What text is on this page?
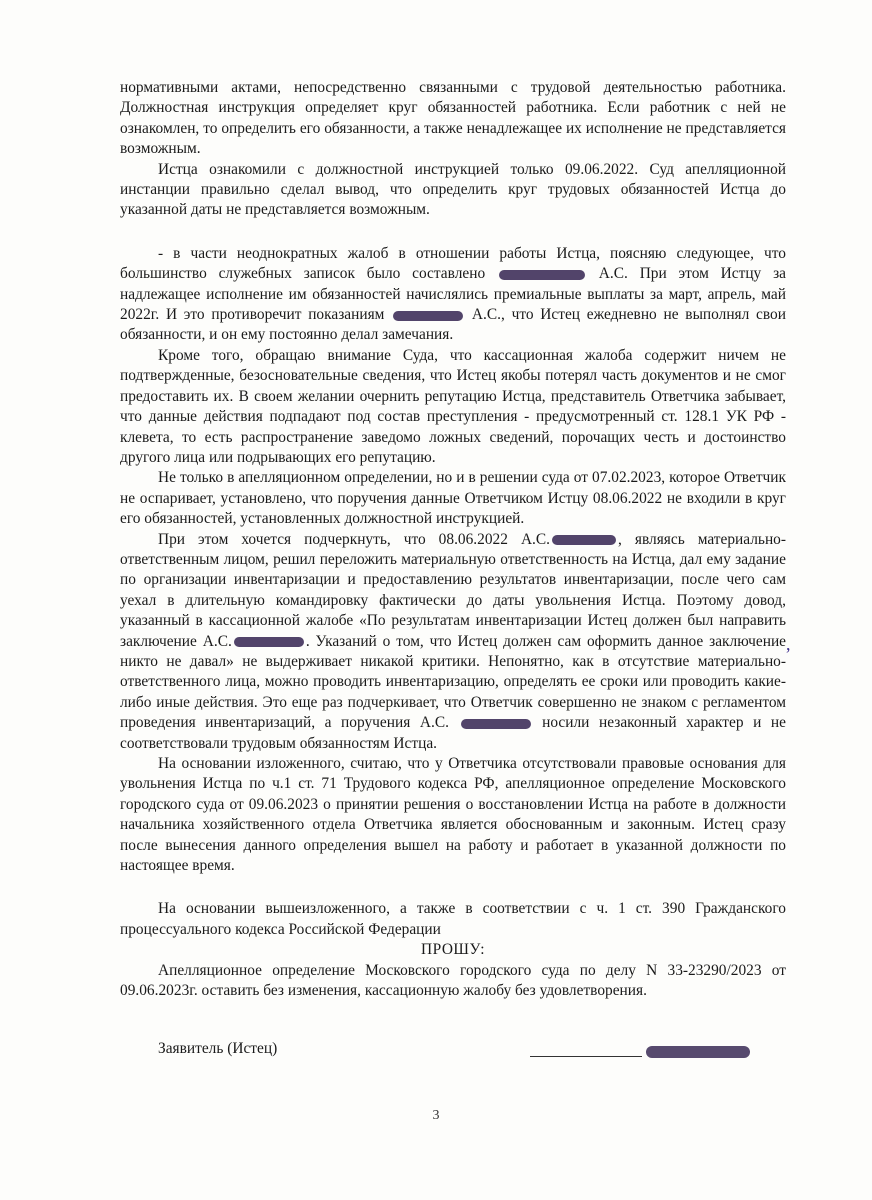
нормативными актами, непосредственно связанными с трудовой деятельностью работника. Должностная инструкция определяет круг обязанностей работника. Если работник с ней не ознакомлен, то определить его обязанности, а также ненадлежащее их исполнение не представляется возможным.

Истца ознакомили с должностной инструкцией только 09.06.2022. Суд апелляционной инстанции правильно сделал вывод, что определить круг трудовых обязанностей Истца до указанной даты не представляется возможным.

- в части неоднократных жалоб в отношении работы Истца, поясняю следующее, что большинство служебных записок было составлено	А.С. При этом Истцу за надлежащее исполнение им обязанностей начислялись премиальные выплаты за март, апрель, май 2022г. И это противоречит показаниям	А.С., что Истец ежедневно не выполнял свои обязанности, и он ему постоянно делал замечания.

Кроме того, обращаю внимание Суда, что кассационная жалоба содержит ничем не подтвержденные, безосновательные сведения, что Истец якобы потерял часть документов и не смог предоставить их. В своем желании очернить репутацию Истца, представитель Ответчика забывает, что данные действия подпадают под состав преступления - предусмотренный ст. 128.1 УК РФ - клевета, то есть распространение заведомо ложных сведений, порочащих честь и достоинство другого лица или подрывающих его репутацию.

Не только в апелляционном определении, но и в решении суда от 07.02.2023, которое Ответчик не оспаривает, установлено, что поручения данные Ответчиком Истцу 08.06.2022 не входили в круг его обязанностей, установленных должностной инструкцией.

При этом хочется подчеркнуть, что 08.06.2022 А.С.	, являясь материально-ответственным лицом, решил переложить материальную ответственность на Истца, дал ему задание по организации инвентаризации и предоставлению результатов инвентаризации, после чего сам уехал в длительную командировку фактически до даты увольнения Истца. Поэтому довод, указанный в кассационной жалобе «По результатам инвентаризации Истец должен был направить заключение А.С.	. Указаний о том, что Истец должен сам оформить данное заключение никто не давал» не выдерживает никакой критики. Непонятно, как в отсутствие материально-ответственного лица, можно проводить инвентаризацию, определять ее сроки или проводить какие-либо иные действия. Это еще раз подчеркивает, что Ответчик совершенно не знаком с регламентом проведения инвентаризаций, а поручения А.С.	носили незаконный характер и не соответствовали трудовым обязанностям Истца.

На основании изложенного, считаю, что у Ответчика отсутствовали правовые основания для увольнения Истца по ч.1 ст. 71 Трудового кодекса РФ, апелляционное определение Московского городского суда от 09.06.2023 о принятии решения о восстановлении Истца на работе в должности начальника хозяйственного отдела Ответчика является обоснованным и законным. Истец сразу после вынесения данного определения вышел на работу и работает в указанной должности по настоящее время.

На основании вышеизложенного, а также в соответствии с ч. 1 ст. 390 Гражданского процессуального кодекса Российской Федерации

ПРОШУ:

Апелляционное определение Московского городского суда по делу N 33-23290/2023 от 09.06.2023г. оставить без изменения, кассационную жалобу без удовлетворения.

,
Заявитель (Истец)
3
